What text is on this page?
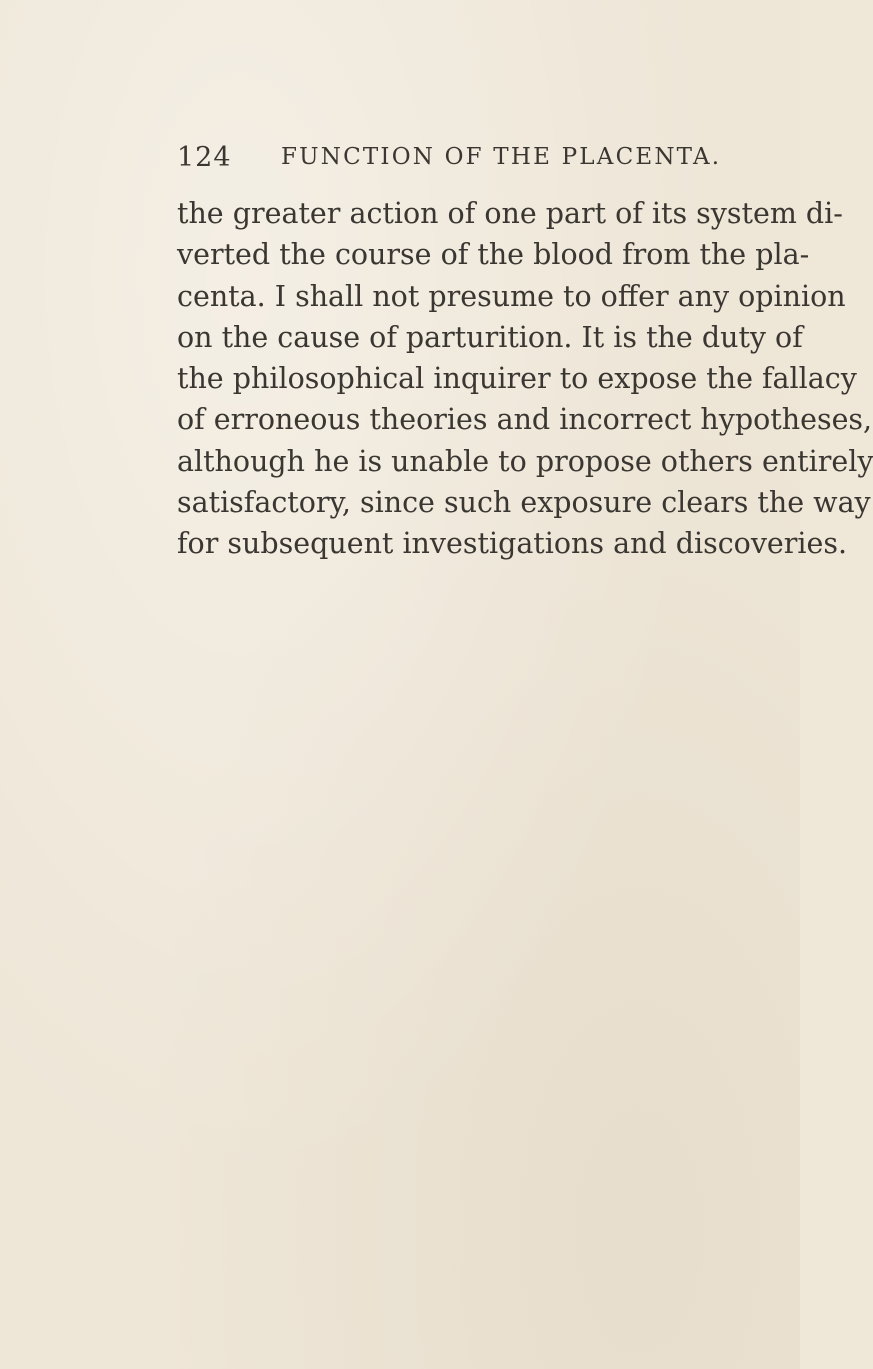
124 FUNCTION OF THE PLACENTA.
the greater action of one part of its system di-
verted the course of the blood from the pla-
centa. I shall not presume to offer any opinion
on the cause of parturition. It is the duty of
the philosophical inquirer to expose the fallacy
of erroneous theories and incorrect hypotheses,
although he is unable to propose others entirely
satisfactory, since such exposure clears the way
for subsequent investigations and discoveries.
